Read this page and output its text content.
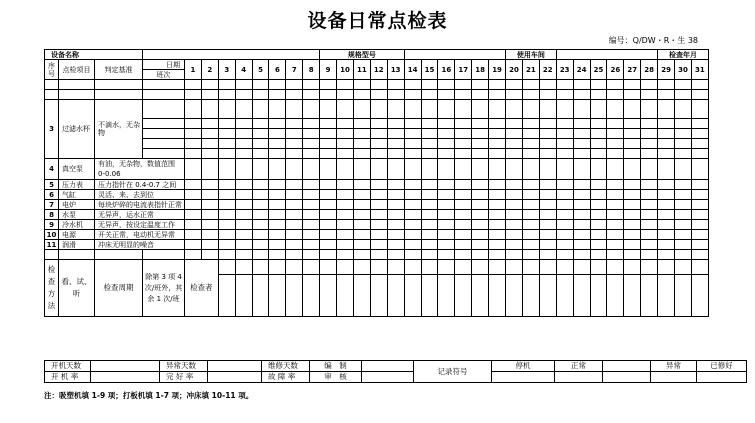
设备日常点检表
编号：Q/DW・R・生 38
设备名称												规格型号											使用车间									检查年月				
序号	点检项目	判定基准	日期	1	2	3	4	5	6	7	8	9	10	11	12	13	14	15	16	17	18	19	20	21	22	23	24	25	26	27	28	29	30	31	
			班次																																

3	过滤水杯	不滴水，无杂物																																	

4	真空泵	有油，无杂物，数值范围 0-0.06																																	
5	压力表	压力指针在 0.4-0.7 之间																																	
6	气缸	灵活、来、去到位																																	
7	电炉	每块炉碎的电流表指针正常																																	
8	水泵	无异声，运水正常																																	
9	冷水机	无异声，按设定温度工作																																	
10	电源	开关正常，电动机无异常																																	
11	润滑	冲床无明显的噪音																																	

检查方法	看、试、听	检查周期	除第 3 项 4 次/班外，其余 1 次/班	检查者																															

开机天数		异常天数		维修天数	编　制		记录符号	停机	正常		异常	已修好
开 机 率		完 好 率		故 障 率	审　核							
注：吸塑机填 1-9 项；打板机填 1-7 项；冲床填 10-11 项。
